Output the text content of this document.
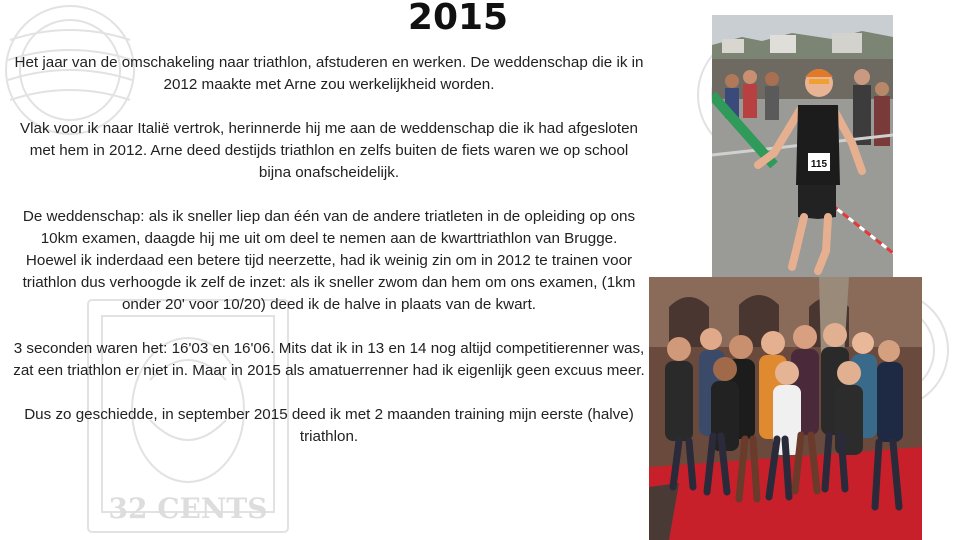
32 CENTS
2015

Het jaar van de omschakeling naar triathlon, afstuderen en werken. De weddenschap die ik in 2012 maakte met Arne zou werkelijkheid worden.

Vlak voor ik naar Italië vertrok, herinnerde hij me aan de weddenschap die ik had afgesloten met hem in 2012. Arne deed destijds triathlon en zelfs buiten de fiets waren we op school bijna onafscheidelijk.

De weddenschap: als ik sneller liep dan één van de andere triatleten in de opleiding op ons 10km examen, daagde hij me uit om deel te nemen aan de kwarttriathlon van Brugge.

Hoewel ik inderdaad een betere tijd neerzette, had ik weinig zin om in 2012 te trainen voor triathlon dus verhoogde ik zelf de inzet: als ik sneller zwom dan hem om ons examen, (1km onder 20' voor 10/20) deed ik de halve in plaats van de kwart.

3 seconden waren het: 16'03 en 16'06. Mits dat ik in 13 en 14 nog altijd competitierenner was, zat een triathlon er niet in. Maar in 2015 als amatuerrenner had ik eigenlijk geen excuus meer.

Dus zo geschiedde, in september 2015 deed ik met 2 maanden training mijn eerste (halve) triathlon.

115
